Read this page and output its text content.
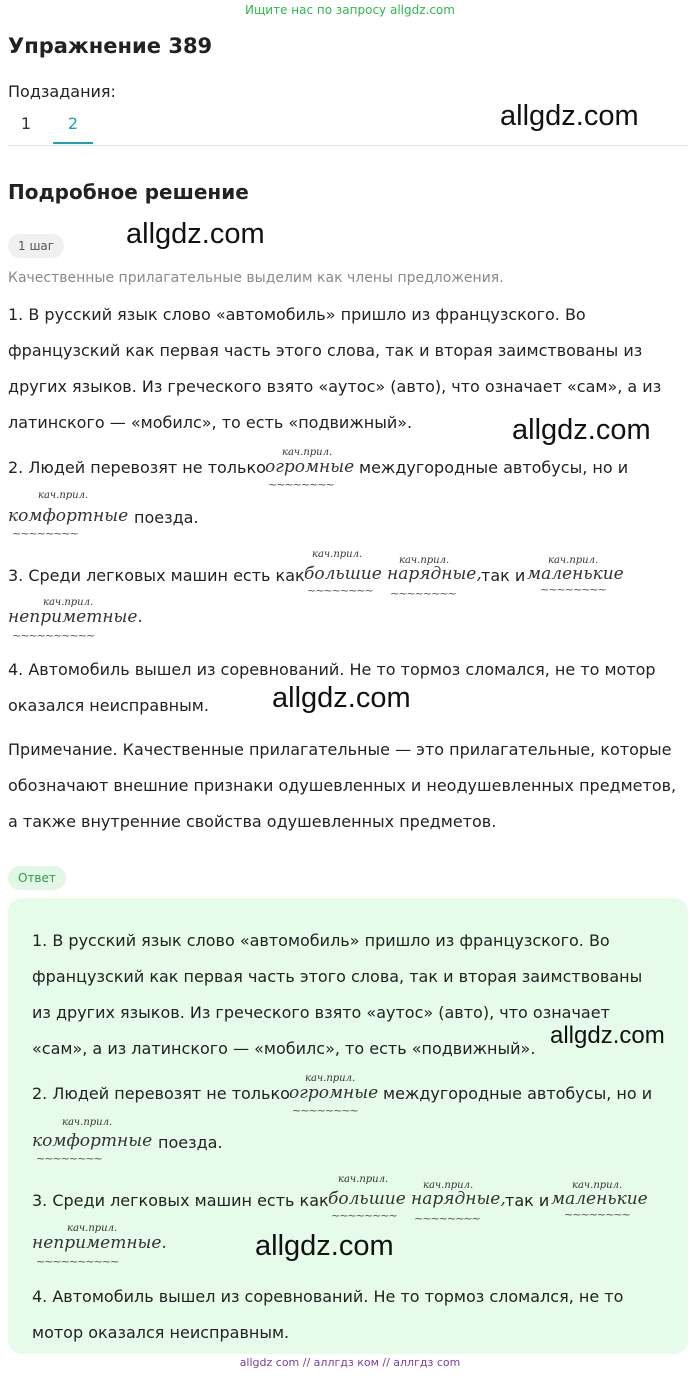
Ищите нас по запросу allgdz.com
Упражнение 389
Подзадания:
1	2	allgdz.com
Подробное решение
1 шаг	allgdz.com
Качественные прилагательные выделим как члены предложения.
1. В русский язык слово «автомобиль» пришло из французского. Во
французский как первая часть этого слова, так и вторая заимствованы из
других языков. Из греческого взято «аутос» (авто), что означает «сам», а из
латинского — «мобилс», то есть «подвижный».	allgdz.com
2. Людей перевозят не только
кач.прил.
огромные
~~~~~~~~
междугородные автобусы, но и
кач.прил.
комфортные
~~~~~~~~
поезда.
3. Среди легковых машин есть как
кач.прил.
большие
~~~~~~~~
кач.прил.
нарядные,
~~~~~~~~
так и
кач.прил.
маленькие
~~~~~~~~
кач.прил.
неприметные.
~~~~~~~~~~
4. Автомобиль вышел из соревнований. Не то тормоз сломался, не то мотор
оказался неисправным.	allgdz.com
Примечание. Качественные прилагательные — это прилагательные, которые
обозначают внешние признаки одушевленных и неодушевленных предметов,
а также внутренние свойства одушевленных предметов.
Ответ
1. В русский язык слово «автомобиль» пришло из французского. Во
французский как первая часть этого слова, так и вторая заимствованы
из других языков. Из греческого взято «аутос» (авто), что означает
«сам», а из латинского — «мобилс», то есть «подвижный». allgdz.com
2. Людей перевозят не только
кач.прил.
огромные
~~~~~~~~
междугородные автобусы, но и
кач.прил.
комфортные
~~~~~~~~
поезда.
3. Среди легковых машин есть как
кач.прил.
большие
~~~~~~~~
кач.прил.
нарядные,
~~~~~~~~
так и
кач.прил.
маленькие
~~~~~~~~
кач.прил.
неприметные.
~~~~~~~~~~	allgdz.com
4. Автомобиль вышел из соревнований. Не то тормоз сломался, не то
мотор оказался неисправным.
allgdz com // аллгдз ком // аллгдз com
